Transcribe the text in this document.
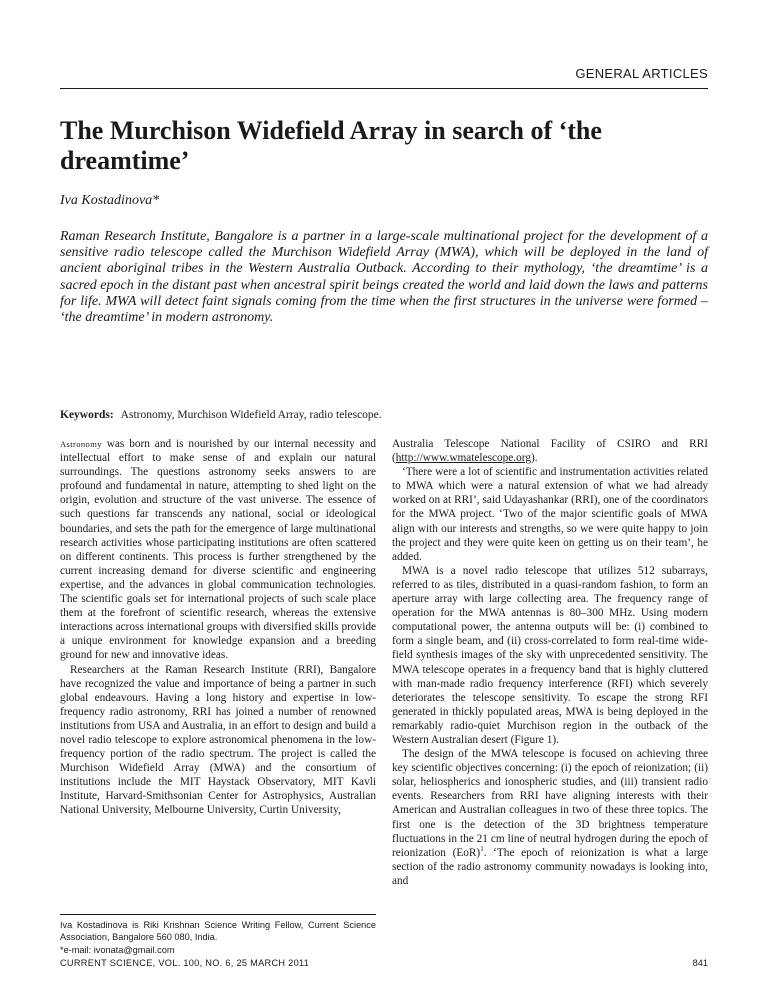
GENERAL ARTICLES
The Murchison Widefield Array in search of ‘the dreamtime’
Iva Kostadinova*
Raman Research Institute, Bangalore is a partner in a large-scale multinational project for the development of a sensitive radio telescope called the Murchison Widefield Array (MWA), which will be deployed in the land of ancient aboriginal tribes in the Western Australia Outback. According to their mythology, ‘the dreamtime’ is a sacred epoch in the distant past when ancestral spirit beings created the world and laid down the laws and patterns for life. MWA will detect faint signals coming from the time when the first structures in the universe were formed – ‘the dreamtime’ in modern astronomy.
Keywords: Astronomy, Murchison Widefield Array, radio telescope.

Astronomy was born and is nourished by our internal necessity and intellectual effort to make sense of and explain our natural surroundings. The questions astronomy seeks answers to are profound and fundamental in nature, attempting to shed light on the origin, evolution and structure of the vast universe. The essence of such questions far transcends any national, social or ideological boundaries, and sets the path for the emergence of large multinational research activities whose participating institutions are often scattered on different continents. This process is further strengthened by the current increasing demand for diverse scientific and engineering expertise, and the advances in global communication technologies. The scientific goals set for international projects of such scale place them at the forefront of scientific research, whereas the extensive interactions across international groups with diversified skills provide a unique environment for knowledge expansion and a breeding ground for new and innovative ideas.

Researchers at the Raman Research Institute (RRI), Bangalore have recognized the value and importance of being a partner in such global endeavours. Having a long history and expertise in low-frequency radio astronomy, RRI has joined a number of renowned institutions from USA and Australia, in an effort to design and build a novel radio telescope to explore astronomical phenomena in the low-frequency portion of the radio spectrum. The project is called the Murchison Widefield Array (MWA) and the consortium of institutions include the MIT Haystack Observatory, MIT Kavli Institute, Harvard-Smithsonian Center for Astrophysics, Australian National University, Melbourne University, Curtin University,

Australia Telescope National Facility of CSIRO and RRI (http://www.wmatelescope.org).

‘There were a lot of scientific and instrumentation activities related to MWA which were a natural extension of what we had already worked on at RRI’, said Udayashankar (RRI), one of the coordinators for the MWA project. ‘Two of the major scientific goals of MWA align with our interests and strengths, so we were quite happy to join the project and they were quite keen on getting us on their team’, he added.

MWA is a novel radio telescope that utilizes 512 subarrays, referred to as tiles, distributed in a quasi-random fashion, to form an aperture array with large collecting area. The frequency range of operation for the MWA antennas is 80–300 MHz. Using modern computational power, the antenna outputs will be: (i) combined to form a single beam, and (ii) cross-correlated to form real-time wide-field synthesis images of the sky with unprecedented sensitivity. The MWA telescope operates in a frequency band that is highly cluttered with man-made radio frequency interference (RFI) which severely deteriorates the telescope sensitivity. To escape the strong RFI generated in thickly populated areas, MWA is being deployed in the remarkably radio-quiet Murchison region in the outback of the Western Australian desert (Figure 1).

The design of the MWA telescope is focused on achieving three key scientific objectives concerning: (i) the epoch of reionization; (ii) solar, heliospherics and ionospheric studies, and (iii) transient radio events. Researchers from RRI have aligning interests with their American and Australian colleagues in two of these three topics. The first one is the detection of the 3D brightness temperature fluctuations in the 21 cm line of neutral hydrogen during the epoch of reionization (EoR)$^1$. ‘The epoch of reionization is what a large section of the radio astronomy community nowadays is looking into, and

Iva Kostadinova is Riki Krishnan Science Writing Fellow, Current Science Association, Bangalore 560 080, India.

*e-mail: ivonata@gmail.com

CURRENT SCIENCE, VOL. 100, NO. 6, 25 MARCH 2011	841
